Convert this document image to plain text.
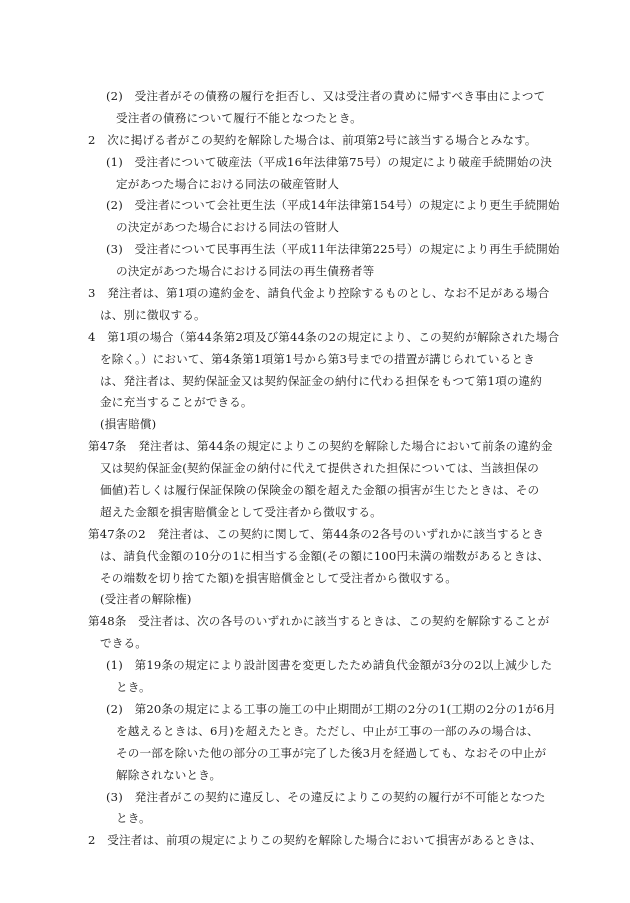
(2)　受注者がその債務の履行を拒否し、又は受注者の責めに帰すべき事由によつて
受注者の債務について履行不能となつたとき。
2　次に掲げる者がこの契約を解除した場合は、前項第2号に該当する場合とみなす。
(1)　受注者について破産法（平成16年法律第75号）の規定により破産手続開始の決
定があつた場合における同法の破産管財人
(2)　受注者について会社更生法（平成14年法律第154号）の規定により更生手続開始
の決定があつた場合における同法の管財人
(3)　受注者について民事再生法（平成11年法律第225号）の規定により再生手続開始
の決定があつた場合における同法の再生債務者等
3　発注者は、第1項の違約金を、請負代金より控除するものとし、なお不足がある場合
は、別に徴収する。
4　第1項の場合（第44条第2項及び第44条の2の規定により、この契約が解除された場合
を除く。）において、第4条第1項第1号から第3号までの措置が講じられているとき
は、発注者は、契約保証金又は契約保証金の納付に代わる担保をもつて第1項の違約
金に充当することができる。
(損害賠償)
第47条　発注者は、第44条の規定によりこの契約を解除した場合において前条の違約金
又は契約保証金(契約保証金の納付に代えて提供された担保については、当該担保の
価値)若しくは履行保証保険の保険金の額を超えた金額の損害が生じたときは、その
超えた金額を損害賠償金として受注者から徴収する。
第47条の2　発注者は、この契約に関して、第44条の2各号のいずれかに該当するとき
は、請負代金額の10分の1に相当する金額(その額に100円未満の端数があるときは、
その端数を切り捨てた額)を損害賠償金として受注者から徴収する。
(受注者の解除権)
第48条　受注者は、次の各号のいずれかに該当するときは、この契約を解除することが
できる。
(1)　第19条の規定により設計図書を変更したため請負代金額が3分の2以上減少した
とき。
(2)　第20条の規定による工事の施工の中止期間が工期の2分の1(工期の2分の1が6月
を越えるときは、6月)を超えたとき。ただし、中止が工事の一部のみの場合は、
その一部を除いた他の部分の工事が完了した後3月を経過しても、なおその中止が
解除されないとき。
(3)　発注者がこの契約に違反し、その違反によりこの契約の履行が不可能となつた
とき。
2　受注者は、前項の規定によりこの契約を解除した場合において損害があるときは、
